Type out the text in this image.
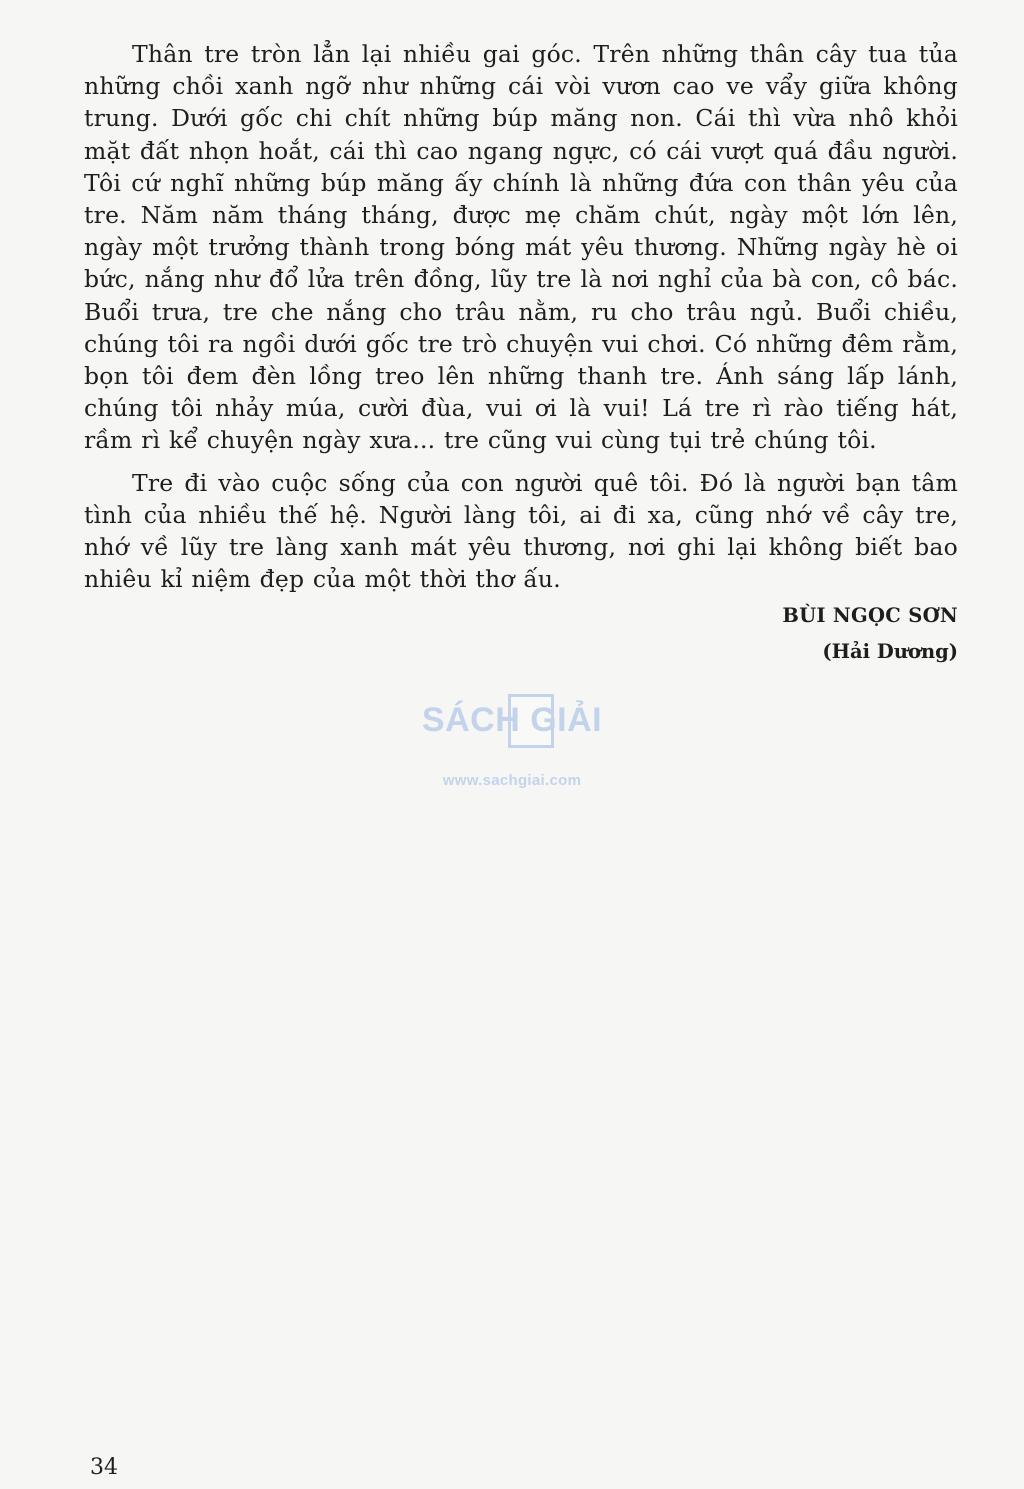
Thân tre tròn lẳn lại nhiều gai góc. Trên những thân cây tua tủa những chồi xanh ngỡ như những cái vòi vươn cao ve vẩy giữa không trung. Dưới gốc chi chít những búp măng non. Cái thì vừa nhô khỏi mặt đất nhọn hoắt, cái thì cao ngang ngực, có cái vượt quá đầu người. Tôi cứ nghĩ những búp măng ấy chính là những đứa con thân yêu của tre. Năm năm tháng tháng, được mẹ chăm chút, ngày một lớn lên, ngày một trưởng thành trong bóng mát yêu thương. Những ngày hè oi bức, nắng như đổ lửa trên đồng, lũy tre là nơi nghỉ của bà con, cô bác. Buổi trưa, tre che nắng cho trâu nằm, ru cho trâu ngủ. Buổi chiều, chúng tôi ra ngồi dưới gốc tre trò chuyện vui chơi. Có những đêm rằm, bọn tôi đem đèn lồng treo lên những thanh tre. Ánh sáng lấp lánh, chúng tôi nhảy múa, cười đùa, vui ơi là vui! Lá tre rì rào tiếng hát, rầm rì kể chuyện ngày xưa... tre cũng vui cùng tụi trẻ chúng tôi.

Tre đi vào cuộc sống của con người quê tôi. Đó là người bạn tâm tình của nhiều thế hệ. Người làng tôi, ai đi xa, cũng nhớ về cây tre, nhớ về lũy tre làng xanh mát yêu thương, nơi ghi lại không biết bao nhiêu kỉ niệm đẹp của một thời thơ ấu.

BÙI NGỌC SƠN
(Hải Dương)
SÁCH GIẢI
www.sachgiai.com
34
